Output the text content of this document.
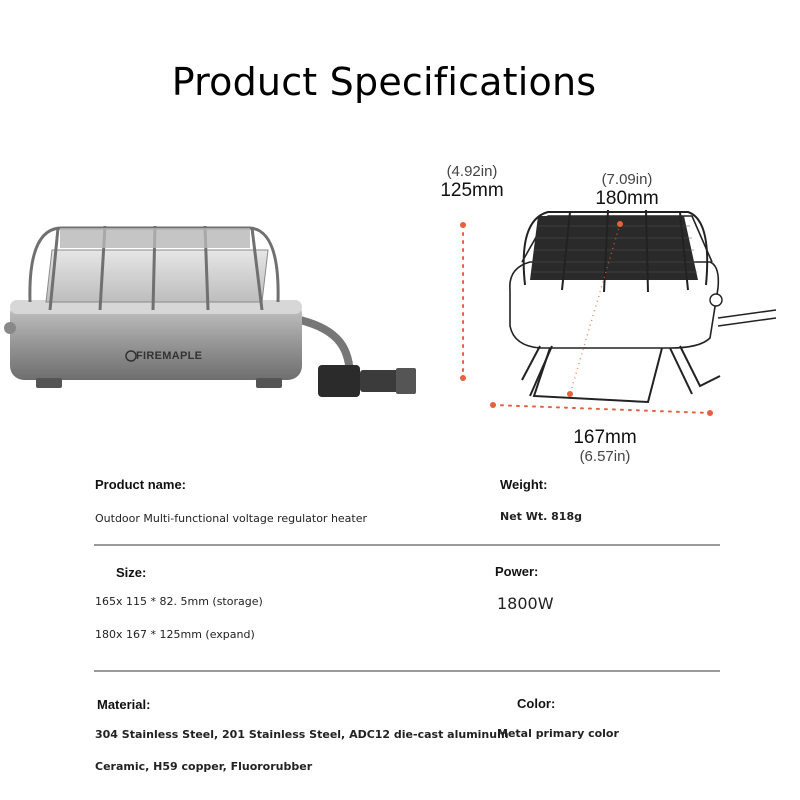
Product Specifications
FIREMAPLE
(4.92in)
125mm	(7.09in)
180mm
167mm
(6.57in)
Product name:
Outdoor Multi-functional voltage regulator heater
Weight:
Net Wt. 818g
Size:
165x 115 * 82. 5mm (storage)
180x 167 * 125mm (expand)
Power:
1800W
Material:
304 Stainless Steel, 201 Stainless Steel, ADC12 die-cast aluminum
Ceramic, H59 copper, Fluororubber
Color:
Metal primary color
